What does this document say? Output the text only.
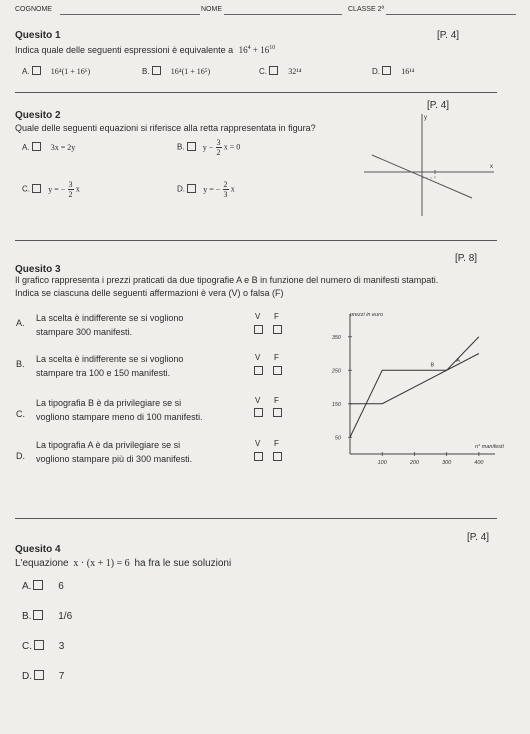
COGNOME	NOME	CLASSE 2ª
Quesito 1	[P. 4]
Indica quale delle seguenti espressioni è equivalente a $16^4 + 16^{10}$
A.	16⁴(1 + 16⁶)	B.	16⁴(1 + 16⁵)	C.	32¹⁴	D.	16¹⁴
Quesito 2
[P. 4]
Quale delle seguenti equazioni si riferisce alla retta rappresentata in figura?
A.	3x = 2y	B. $y - \frac{3}{2}$ x = 0
C. y = − $\frac{3}{2}$ x	D. y = − $\frac{2}{3}$ x
y
x
Quesito 3
[P. 8]
Il grafico rappresenta i prezzi praticati da due tipografie A e B in funzione del numero di manifesti stampati.
Indica se ciascuna delle seguenti affermazioni è vera (V) o falsa (F)
A. La scelta è indifferente se si vogliono
stampare 300 manifesti.
V F
B. La scelta è indifferente se si vogliono
stampare tra 100 e 150 manifesti.
V F
C.
La tipografia B è da privilegiare se si
vogliono stampare meno di 100 manifesti.
V F
D.
La tipografia A è da privilegiare se si
vogliono stampare più di 300 manifesti.
V F
prezzi in euro
n° manifesti
100	200	300	400
50
150
250
350
A
B
[P. 4]
Quesito 4
L'equazione x · (x + 1) = 6 ha fra le sue soluzioni
A.	6
B.	1/6
C.	3
D.	7
